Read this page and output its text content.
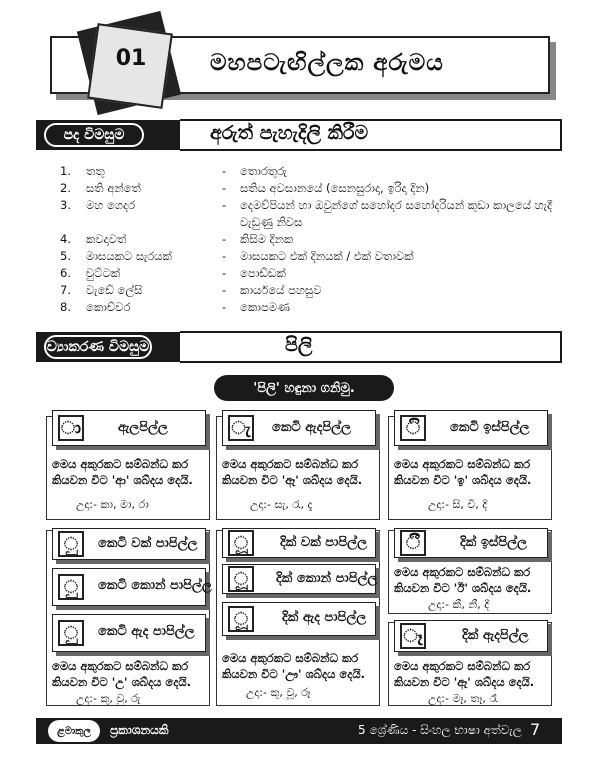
01	මහපටැඟිල්ලක අරුමය
පද විමසුම	අරුත් පැහැදිලි කිරීම
1.	තතු	-	තොරතුරු
2.	සති අන්තේ	-	සතිය අවසානයේ (සෙනසුරාදා, ඉරිදා දින)
3.	මහ ගෙදර	-	දෙමව්පියන් හා ඔවුන්ගේ සහෝදර සහෝදරියන් කුඩා කාලයේ හැදී
වැඩුණු නිවස
4.	කවදාවත්	-	කිසිම දිනක
5.	මාසයකට සැරයක්	-	මාසයකට එක් දිනයක් / එක් වතාවක්
6.	චුට්ටක්	-	පොඩ්ඩක්
7.	වැඩේ ලේසි	-	කාර්යයේ පහසුව
8.	කොච්චර	-	කොපමණ
ව්‍යාකරණ විමසුම	පිලි
'පිලි' හඳුනා ගනිමු.
ා	ඇලපිල්ල
මෙය අකුරකට සම්බන්ධ කර
කියවන විට 'ආ' ශබ්දය දෙයි.
උදා:- කා, මා, රා
ැ කෙටි ඇදපිල්ල
මෙය අකුරකට සම්බන්ධ කර
කියවන විට 'ඈ' ශබ්දය දෙයි.
උදා:- සැ, රැ, දැ
ි	කෙටි ඉස්පිල්ල
මෙය අකුරකට සම්බන්ධ කර
කියවන විට 'ඉ' ශබ්දය දෙයි.
උදා:- සි, වි, දි
ු	කෙටි වක් පාපිල්ල
ු	කෙටි කොන් පාපිල්ල
ු	කෙටි ඇද පාපිල්ල
මෙය අකුරකට සම්බන්ධ කර
කියවන විට 'උ' ශබ්දය දෙයි.
උදා:- කු, වු, රු
ූ	දික් වක් පාපිල්ල
ූ	දික් කොන් පාපිල්ල
ූ	දික් ඇද පාපිල්ල
මෙය අකුරකට සම්බන්ධ කර
කියවන විට 'ඌ' ශබ්දය දෙයි.
උදා:- කූ, වූ, රූ
ී	දික් ඉස්පිල්ල
මෙය අකුරකට සම්බන්ධ කර
කියවන විට 'ඊ' ශබ්දය දෙයි.
උදා:- කී, නී, දී
ෑ	දික් ඇදපිල්ල
මෙය අකුරකට සම්බන්ධ කර
කියවන විට 'ඈ' ශබ්දය දෙයි.
උදා:- මෑ, තෑ, රෑ
ළමාකුල	ප්‍රකාශනයකි	5 ශ්‍රේණිය - සිංහල භාෂා අත්වැල 7
